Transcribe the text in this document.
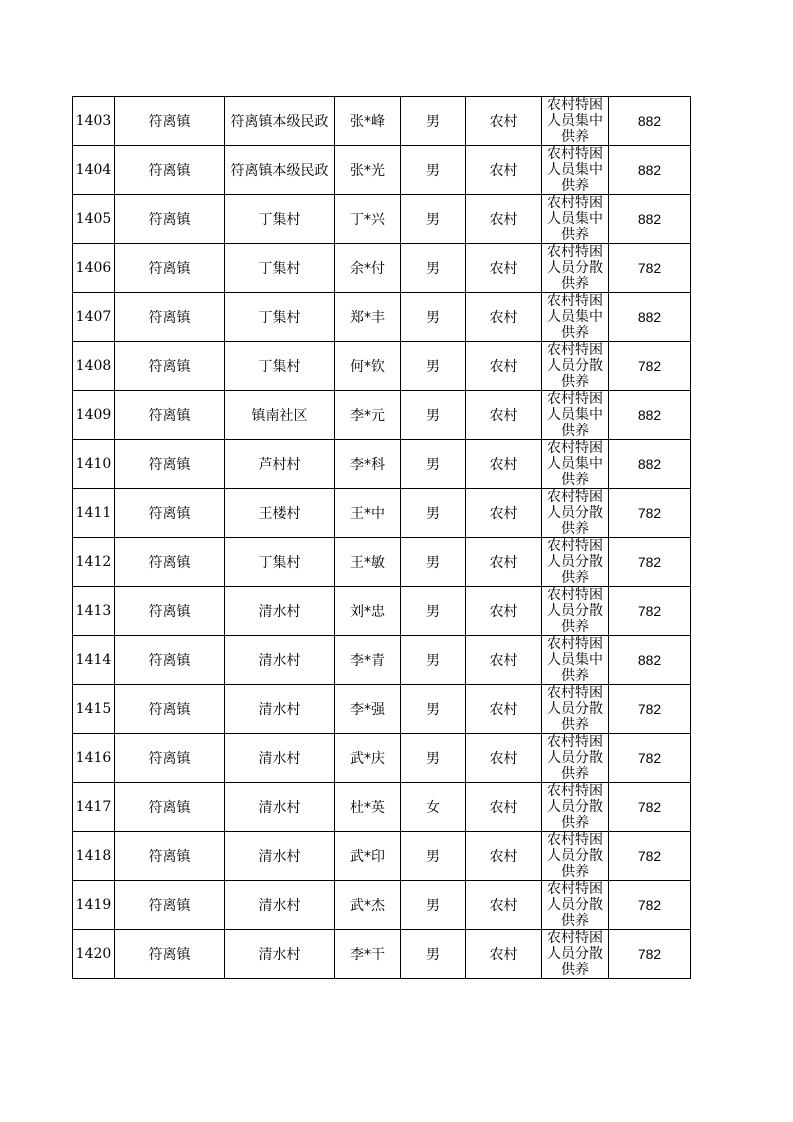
1403	符离镇	符离镇本级民政	张*峰	男	农村	农村特困人员集中供养	882
1404	符离镇	符离镇本级民政	张*光	男	农村	农村特困人员集中供养	882
1405	符离镇	丁集村	丁*兴	男	农村	农村特困人员集中供养	882
1406	符离镇	丁集村	余*付	男	农村	农村特困人员分散供养	782
1407	符离镇	丁集村	郑*丰	男	农村	农村特困人员集中供养	882
1408	符离镇	丁集村	何*钦	男	农村	农村特困人员分散供养	782
1409	符离镇	镇南社区	李*元	男	农村	农村特困人员集中供养	882
1410	符离镇	芦村村	李*科	男	农村	农村特困人员集中供养	882
1411	符离镇	王楼村	王*中	男	农村	农村特困人员分散供养	782
1412	符离镇	丁集村	王*敏	男	农村	农村特困人员分散供养	782
1413	符离镇	清水村	刘*忠	男	农村	农村特困人员分散供养	782
1414	符离镇	清水村	李*青	男	农村	农村特困人员集中供养	882
1415	符离镇	清水村	李*强	男	农村	农村特困人员分散供养	782
1416	符离镇	清水村	武*庆	男	农村	农村特困人员分散供养	782
1417	符离镇	清水村	杜*英	女	农村	农村特困人员分散供养	782
1418	符离镇	清水村	武*印	男	农村	农村特困人员分散供养	782
1419	符离镇	清水村	武*杰	男	农村	农村特困人员分散供养	782
1420	符离镇	清水村	李*干	男	农村	农村特困人员分散供养	782
